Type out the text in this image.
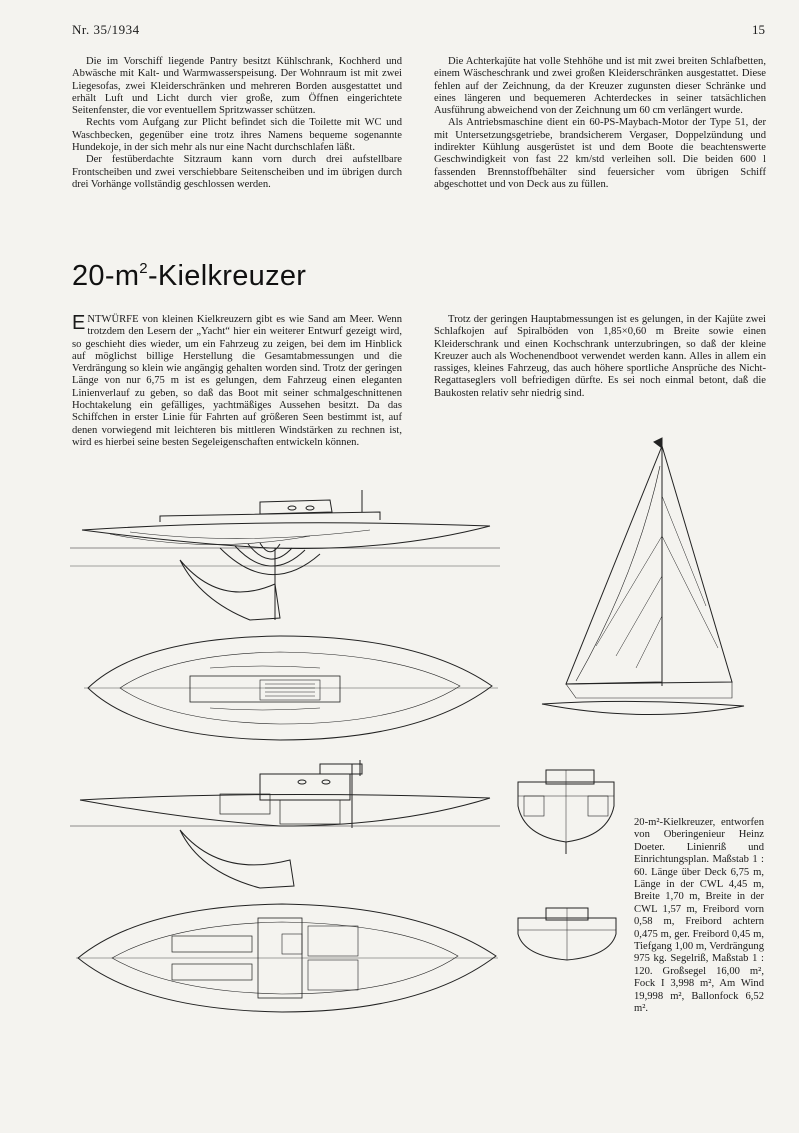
Nr. 35/1934	15

Die im Vorschiff liegende Pantry besitzt Kühlschrank, Kochherd und Abwäsche mit Kalt- und Warmwasserspeisung. Der Wohnraum ist mit zwei Liegesofas, zwei Kleiderschränken und mehreren Borden ausgestattet und erhält Luft und Licht durch vier große, zum Öffnen eingerichtete Seitenfenster, die vor eventuellem Spritzwasser schützen.

Rechts vom Aufgang zur Plicht befindet sich die Toilette mit WC und Waschbecken, gegenüber eine trotz ihres Namens bequeme sogenannte Hundekoje, in der sich mehr als nur eine Nacht durchschlafen läßt.

Der festüberdachte Sitzraum kann vorn durch drei aufstellbare Frontscheiben und zwei verschiebbare Seitenscheiben und im übrigen durch drei Vorhänge vollständig geschlossen werden.

Die Achterkajüte hat volle Stehhöhe und ist mit zwei breiten Schlafbetten, einem Wäscheschrank und zwei großen Kleiderschränken ausgestattet. Diese fehlen auf der Zeichnung, da der Kreuzer zugunsten dieser Schränke und eines längeren und bequemeren Achterdeckes in seiner tatsächlichen Ausführung abweichend von der Zeichnung um 60 cm verlängert wurde.

Als Antriebsmaschine dient ein 60-PS-Maybach-Motor der Type 51, der mit Untersetzungsgetriebe, brandsicherem Vergaser, Doppelzündung und indirekter Kühlung ausgerüstet ist und dem Boote die beachtenswerte Geschwindigkeit von fast 22 km/std verleihen soll. Die beiden 600 l fassenden Brennstoffbehälter sind feuersicher vom übrigen Schiff abgeschottet und von Deck aus zu füllen.

$20-m^2$-Kielkreuzer

ENTWÜRFE von kleinen Kielkreuzern gibt es wie Sand am Meer. Wenn trotzdem den Lesern der „Yacht“ hier ein weiterer Entwurf gezeigt wird, so geschieht dies wieder, um ein Fahrzeug zu zeigen, bei dem im Hinblick auf möglichst billige Herstellung die Gesamtabmessungen und die Verdrängung so klein wie angängig gehalten worden sind. Trotz der geringen Länge von nur 6,75 m ist es gelungen, dem Fahrzeug einen eleganten Linienverlauf zu geben, so daß das Boot mit seiner schmalgeschnittenen Hochtakelung ein gefälliges, yachtmäßiges Aussehen besitzt. Da das Schiffchen in erster Linie für Fahrten auf größeren Seen bestimmt ist, auf denen vorwiegend mit leichteren bis mittleren Windstärken zu rechnen ist, wird es hierbei seine besten Segeleigenschaften entwickeln können.

Trotz der geringen Hauptabmessungen ist es gelungen, in der Kajüte zwei Schlafkojen auf Spiralböden von 1,85×0,60 m Breite sowie einen Kleiderschrank und einen Kochschrank unterzubringen, so daß der kleine Kreuzer auch als Wochenendboot verwendet werden kann. Alles in allem ein rassiges, kleines Fahrzeug, das auch höhere sportliche Ansprüche des Nicht-Regattaseglers voll befriedigen dürfte. Es sei noch einmal betont, daß die Baukosten relativ sehr niedrig sind.

20-m²-Kielkreuzer, entworfen von Oberingenieur Heinz Doeter. Linienriß und Einrichtungsplan. Maßstab 1 : 60. Länge über Deck 6,75 m, Länge in der CWL 4,45 m, Breite 1,70 m, Breite in der CWL 1,57 m, Freibord vorn 0,58 m, Freibord achtern 0,475 m, ger. Freibord 0,45 m, Tiefgang 1,00 m, Verdrängung 975 kg. Segelriß, Maßstab 1 : 120. Großsegel 16,00 m², Fock I 3,998 m², Am Wind 19,998 m², Ballonfock 6,52 m².
